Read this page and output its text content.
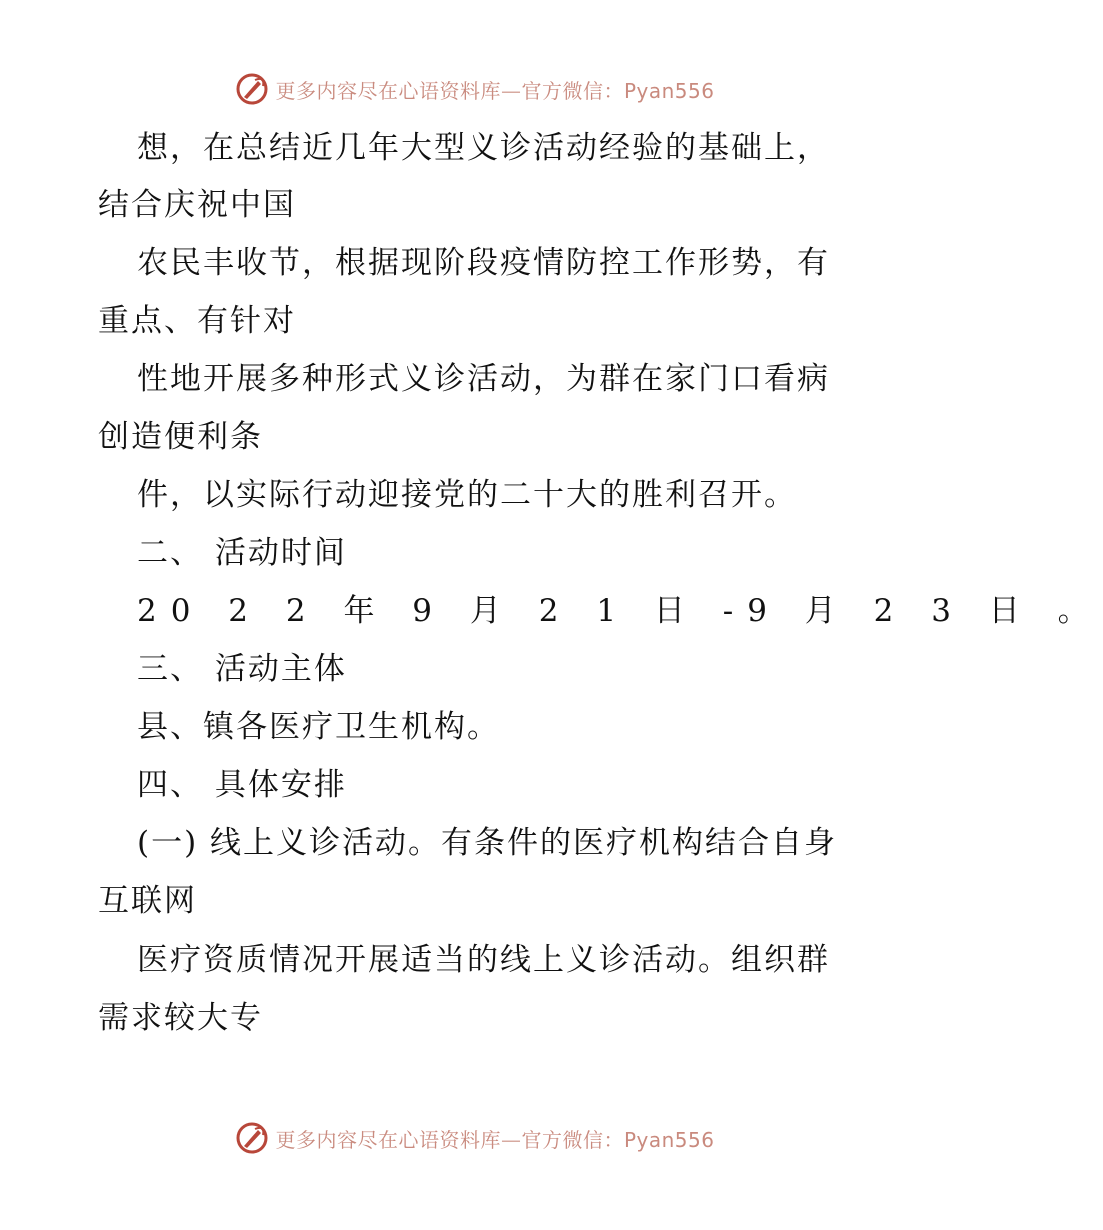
更多内容尽在心语资料库—官方微信：Pyan556
想，在总结近几年大型义诊活动经验的基础上，
结合庆祝中国
农民丰收节，根据现阶段疫情防控工作形势，有
重点、有针对
性地开展多种形式义诊活动，为群在家门口看病
创造便利条
件，以实际行动迎接党的二十大的胜利召开。
二、 活动时间
20 2 2 年 9 月 2 1 日 -9 月 2 3 日 。
三、 活动主体
县、镇各医疗卫生机构。
四、 具体安排
(一) 线上义诊活动。有条件的医疗机构结合自身
互联网
医疗资质情况开展适当的线上义诊活动。组织群
需求较大专
更多内容尽在心语资料库—官方微信：Pyan556
